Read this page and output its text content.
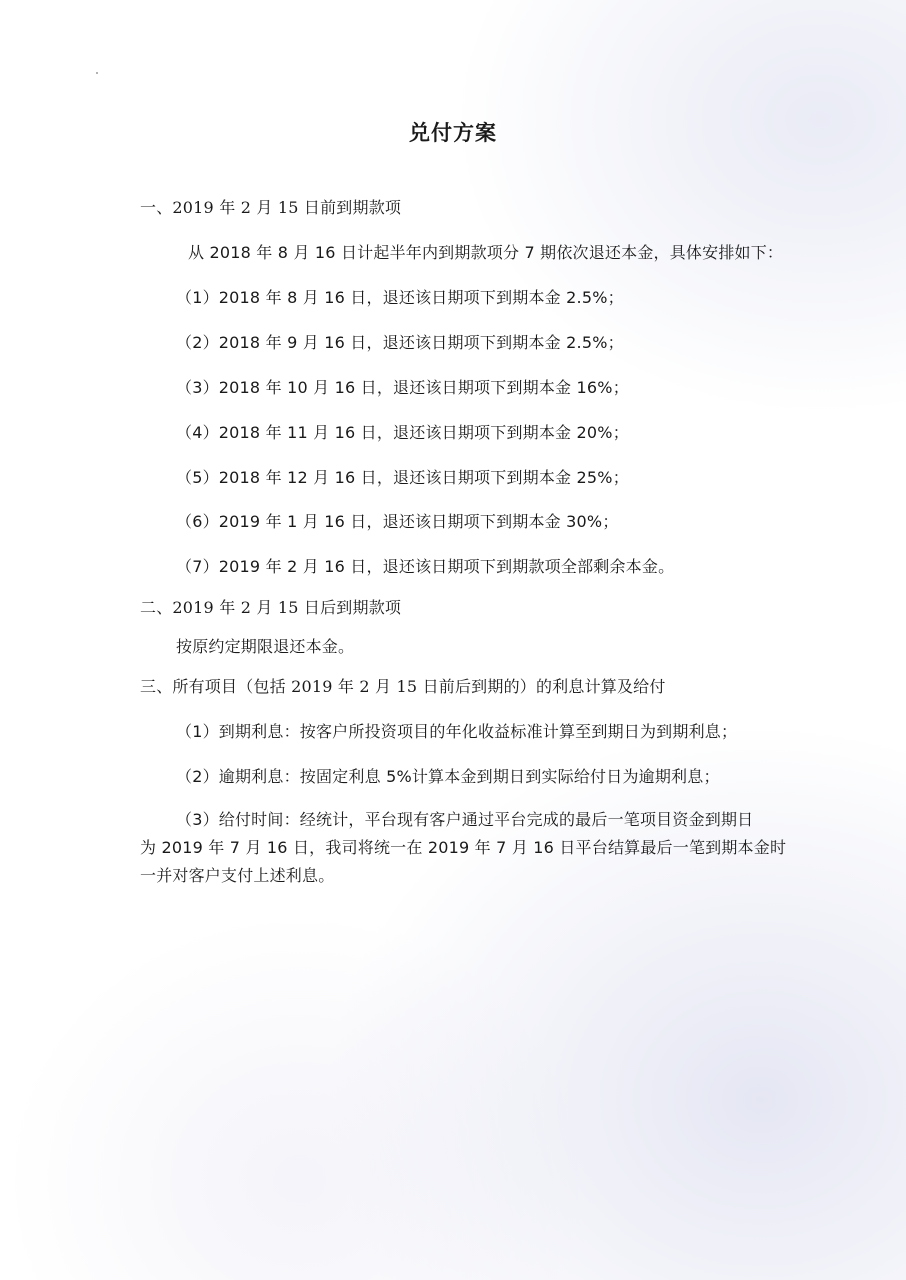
兑付方案
一、2019 年 2 月 15 日前到期款项
从 2018 年 8 月 16 日计起半年内到期款项分 7 期依次退还本金，具体安排如下：
（1）2018 年 8 月 16 日，退还该日期项下到期本金 2.5%；
（2）2018 年 9 月 16 日，退还该日期项下到期本金 2.5%；
（3）2018 年 10 月 16 日，退还该日期项下到期本金 16%；
（4）2018 年 11 月 16 日，退还该日期项下到期本金 20%；
（5）2018 年 12 月 16 日，退还该日期项下到期本金 25%；
（6）2019 年 1 月 16 日，退还该日期项下到期本金 30%；
（7）2019 年 2 月 16 日，退还该日期项下到期款项全部剩余本金。
二、2019 年 2 月 15 日后到期款项
按原约定期限退还本金。
三、所有项目（包括 2019 年 2 月 15 日前后到期的）的利息计算及给付
（1）到期利息：按客户所投资项目的年化收益标准计算至到期日为到期利息；
（2）逾期利息：按固定利息 5%计算本金到期日到实际给付日为逾期利息；
（3）给付时间：经统计，平台现有客户通过平台完成的最后一笔项目资金到期日
为 2019 年 7 月 16 日，我司将统一在 2019 年 7 月 16 日平台结算最后一笔到期本金时
一并对客户支付上述利息。
